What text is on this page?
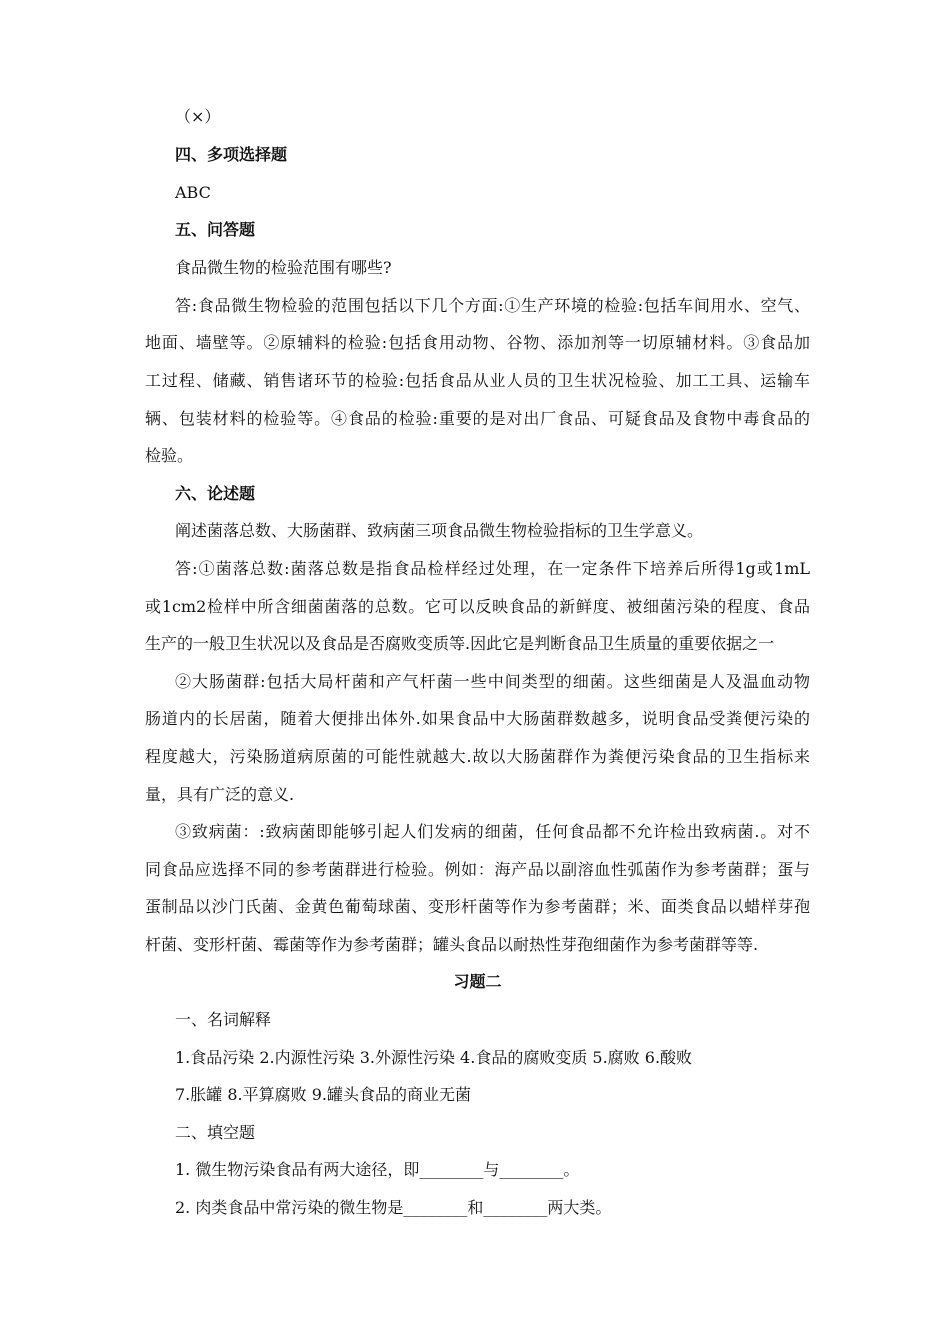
（×）
四、多项选择题
ABC
五、问答题
食品微生物的检验范围有哪些?
答:食品微生物检验的范围包括以下几个方面:①生产环境的检验:包括车间用水、空气、
地面、墙壁等。②原辅料的检验:包括食用动物、谷物、添加剂等一切原辅材料。③食品加
工过程、储藏、销售诸环节的检验:包括食品从业人员的卫生状况检验、加工工具、运输车
辆、包装材料的检验等。④食品的检验:重要的是对出厂食品、可疑食品及食物中毒食品的
检验。
六、论述题
阐述菌落总数、大肠菌群、致病菌三项食品微生物检验指标的卫生学意义。
答:①菌落总数:菌落总数是指食品检样经过处理，在一定条件下培养后所得1g或1mL
或1cm2检样中所含细菌菌落的总数。它可以反映食品的新鲜度、被细菌污染的程度、食品
生产的一般卫生状况以及食品是否腐败变质等.因此它是判断食品卫生质量的重要依据之一
②大肠菌群:包括大局杆菌和产气杆菌一些中间类型的细菌。这些细菌是人及温血动物
肠道内的长居菌，随着大便排出体外.如果食品中大肠菌群数越多，说明食品受粪便污染的
程度越大，污染肠道病原菌的可能性就越大.故以大肠菌群作为粪便污染食品的卫生指标来
量，具有广泛的意义.
③致病菌：:致病菌即能够引起人们发病的细菌，任何食品都不允许检出致病菌.。对不
同食品应选择不同的参考菌群进行检验。例如：海产品以副溶血性弧菌作为参考菌群；蛋与
蛋制品以沙门氏菌、金黄色葡萄球菌、变形杆菌等作为参考菌群；米、面类食品以蜡样芽孢
杆菌、变形杆菌、霉菌等作为参考菌群；罐头食品以耐热性芽孢细菌作为参考菌群等等.
习题二
一、名词解释
1.食品污染 2.内源性污染 3.外源性污染 4.食品的腐败变质 5.腐败 6.酸败
7.胀罐 8.平算腐败 9.罐头食品的商业无菌
二、填空题
1. 微生物污染食品有两大途径，即________与________。
2. 肉类食品中常污染的微生物是________和________两大类。
